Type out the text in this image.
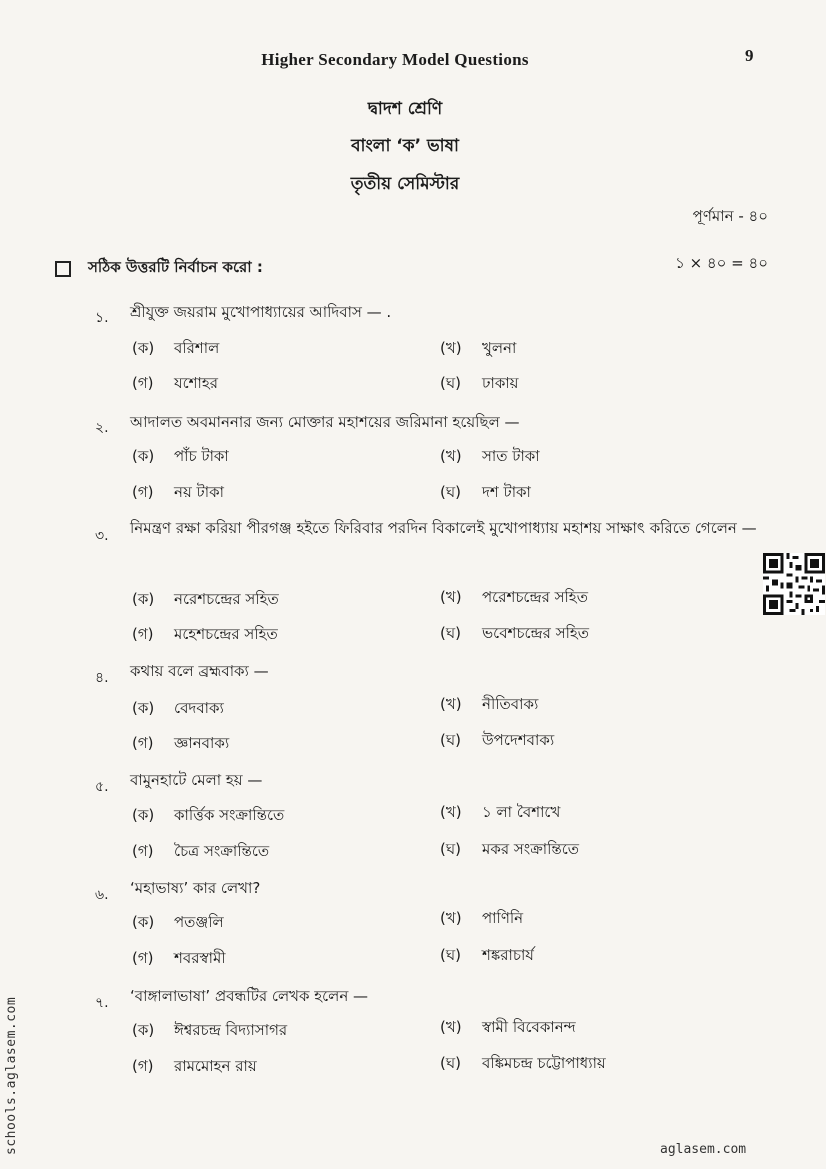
Higher Secondary Model Questions	9
দ্বাদশ শ্রেণি
বাংলা ‘ক’ ভাষা
তৃতীয় সেমিস্টার
পূর্ণমান - ৪০
সঠিক উত্তরটি নির্বাচন করো :	১ × ৪০ = ৪০
১. শ্রীযুক্ত জয়রাম মুখোপাধ্যায়ের আদিবাস — .
(ক) বরিশাল	(খ) খুলনা
(গ) যশোহর	(ঘ) ঢাকায়
২. আদালত অবমাননার জন্য মোক্তার মহাশয়ের জরিমানা হয়েছিল —
(ক) পাঁচ টাকা	(খ) সাত টাকা
(গ) নয় টাকা	(ঘ) দশ টাকা
৩. নিমন্ত্রণ রক্ষা করিয়া পীরগঞ্জ হইতে ফিরিবার পরদিন বিকালেই মুখোপাধ্যায় মহাশয় সাক্ষাৎ করিতে গেলেন —
(ক) নরেশচন্দ্রের সহিত	(খ) পরেশচন্দ্রের সহিত
(গ) মহেশচন্দ্রের সহিত	(ঘ) ভবেশচন্দ্রের সহিত
৪. কথায় বলে ব্রহ্মবাক্য —
(ক) বেদবাক্য	(খ) নীতিবাক্য
(গ) জ্ঞানবাক্য	(ঘ) উপদেশবাক্য
৫. বামুনহাটে মেলা হয় —
(ক) কার্ত্তিক সংক্রান্তিতে	(খ) ১ লা বৈশাখে
(গ) চৈত্র সংক্রান্তিতে	(ঘ) মকর সংক্রান্তিতে
৬. ‘মহাভাষ্য’ কার লেখা?
(ক) পতঞ্জলি	(খ) পাণিনি
(গ) শবরস্বামী	(ঘ) শঙ্করাচার্য
৭. ‘বাঙ্গালাভাষা’ প্রবন্ধটির লেখক হলেন —
(ক) ঈশ্বরচন্দ্র বিদ্যাসাগর	(খ) স্বামী বিবেকানন্দ
(গ) রামমোহন রায়	(ঘ) বঙ্কিমচন্দ্র চট্টোপাধ্যায়
schools.aglasem.com	aglasem.com
